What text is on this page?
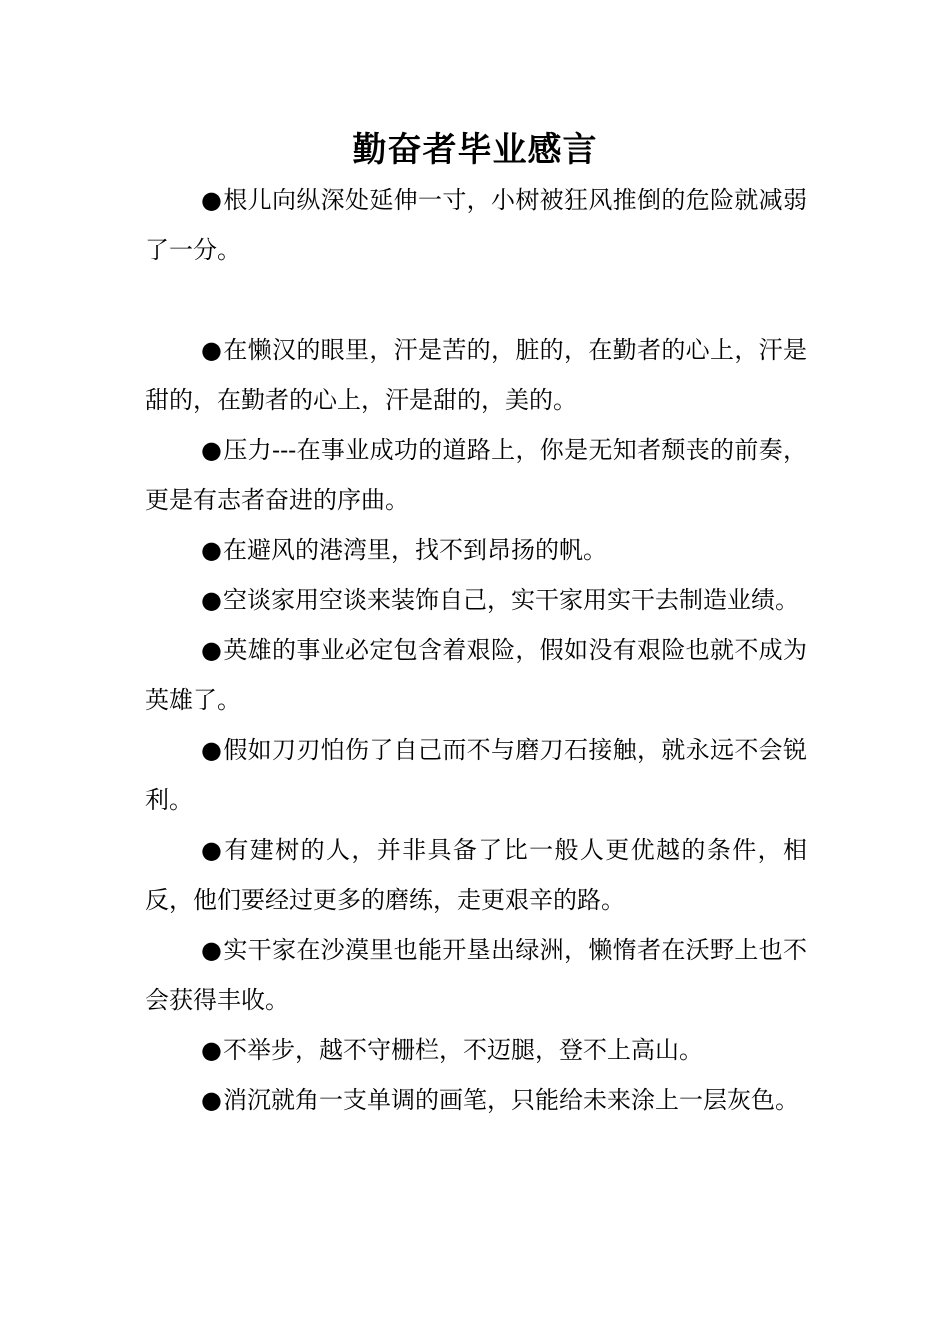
勤奋者毕业感言

●根儿向纵深处延伸一寸，小树被狂风推倒的危险就减弱了一分。

●在懒汉的眼里，汗是苦的，脏的，在勤者的心上，汗是甜的，在勤者的心上，汗是甜的，美的。

●压力---在事业成功的道路上，你是无知者颓丧的前奏，更是有志者奋进的序曲。

●在避风的港湾里，找不到昂扬的帆。

●空谈家用空谈来装饰自己，实干家用实干去制造业绩。

●英雄的事业必定包含着艰险，假如没有艰险也就不成为英雄了。

●假如刀刃怕伤了自己而不与磨刀石接触，就永远不会锐利。

●有建树的人，并非具备了比一般人更优越的条件，相反，他们要经过更多的磨练，走更艰辛的路。

●实干家在沙漠里也能开垦出绿洲，懒惰者在沃野上也不会获得丰收。

●不举步，越不守栅栏，不迈腿，登不上高山。

●消沉就角一支单调的画笔，只能给未来涂上一层灰色。
